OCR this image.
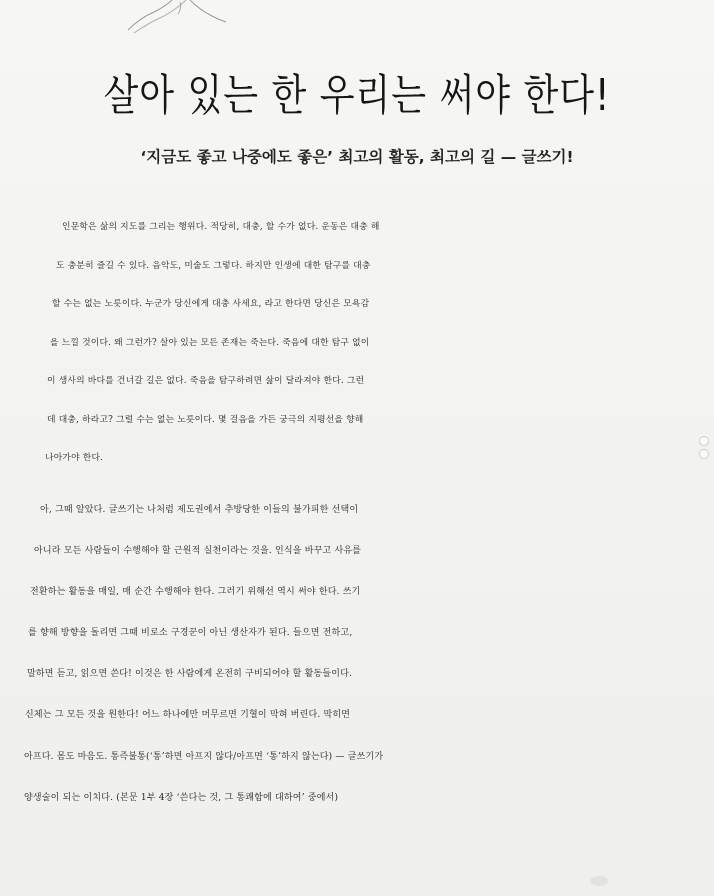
살아 있는 한 우리는 써야 한다!
‘지금도 좋고 나중에도 좋은’ 최고의 활동, 최고의 길 — 글쓰기!

인문학은 삶의 지도를 그리는 행위다. 적당히, 대충, 할 수가 없다. 운동은 대충 해

도 충분히 즐길 수 있다. 음악도, 미술도 그렇다. 하지만 인생에 대한 탐구를 대충

할 수는 없는 노릇이다. 누군가 당신에게 대충 사세요, 라고 한다면 당신은 모욕감

을 느낄 것이다. 왜 그런가? 살아 있는 모든 존재는 죽는다. 죽음에 대한 탐구 없이

이 생사의 바다를 건너갈 길은 없다. 죽음을 탐구하려면 삶이 달라져야 한다. 그런

데 대충, 하라고? 그럴 수는 없는 노릇이다. 몇 걸음을 가든 궁극의 지평선을 향해

나아가야 한다.

아, 그때 알았다. 글쓰기는 나처럼 제도권에서 추방당한 이들의 불가피한 선택이

아니라 모든 사람들이 수행해야 할 근원적 실천이라는 것을. 인식을 바꾸고 사유를

전환하는 활동을 매일, 매 순간 수행해야 한다. 그러기 위해선 역시 써야 한다. 쓰기

를 향해 방향을 돌리면 그때 비로소 구경꾼이 아닌 생산자가 된다. 들으면 전하고,

말하면 듣고, 읽으면 쓴다! 이것은 한 사람에게 온전히 구비되어야 할 활동들이다.

신체는 그 모든 것을 원한다! 어느 하나에만 머무르면 기혈이 막혀 버린다. 막히면

아프다. 몸도 마음도. 통즉불통(‘통’하면 아프지 않다/아프면 ‘통’하지 않는다) — 글쓰기가

양생술이 되는 이치다. (본문 1부 4장 ‘쓴다는 것, 그 통쾌함에 대하여’ 중에서)
